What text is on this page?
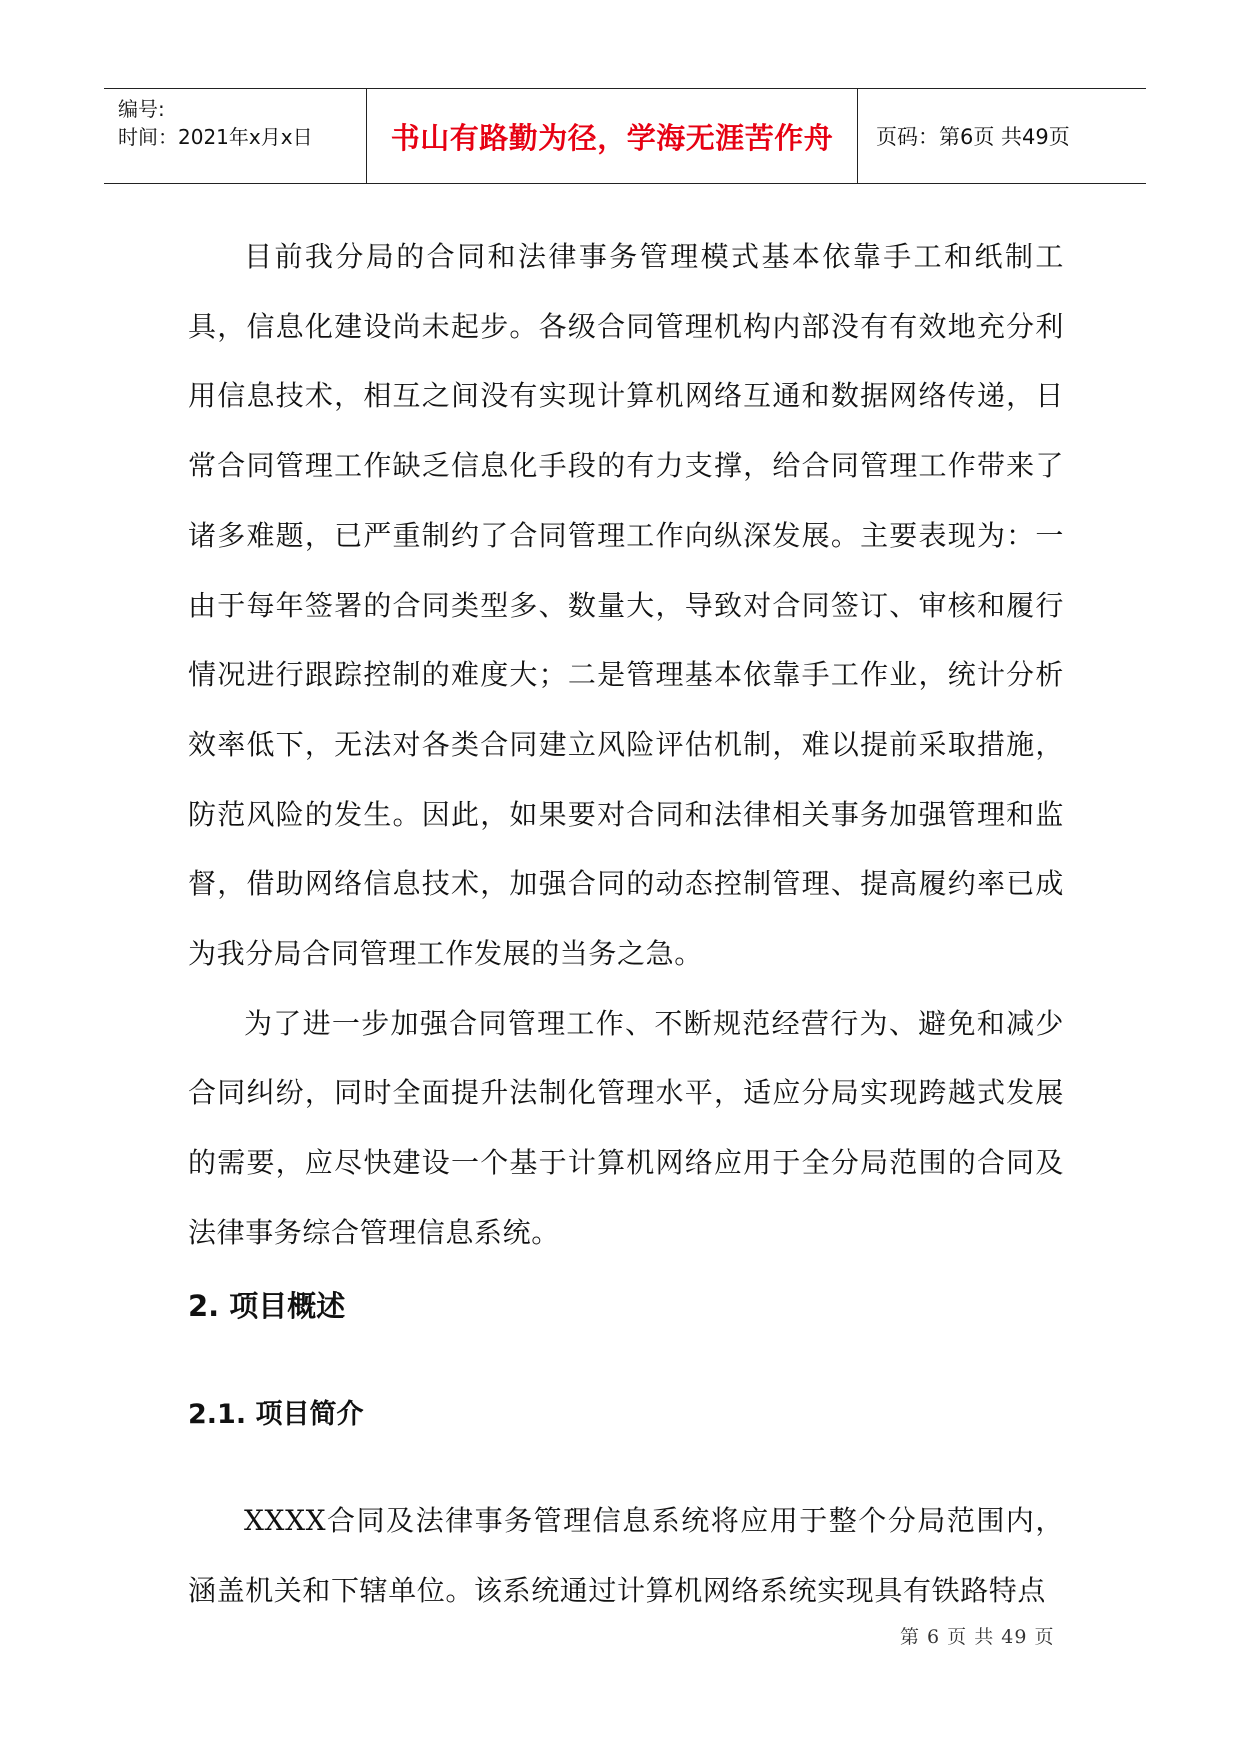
编号:
时间：2021年x月x日	书山有路勤为径，学海无涯苦作舟	页码：第6页 共49页

目前我分局的合同和法律事务管理模式基本依靠手工和纸制工具，信息化建设尚未起步。各级合同管理机构内部没有有效地充分利用信息技术，相互之间没有实现计算机网络互通和数据网络传递，日常合同管理工作缺乏信息化手段的有力支撑，给合同管理工作带来了诸多难题，已严重制约了合同管理工作向纵深发展。主要表现为：一由于每年签署的合同类型多、数量大，导致对合同签订、审核和履行情况进行跟踪控制的难度大；二是管理基本依靠手工作业，统计分析效率低下，无法对各类合同建立风险评估机制，难以提前采取措施，防范风险的发生。因此，如果要对合同和法律相关事务加强管理和监督，借助网络信息技术，加强合同的动态控制管理、提高履约率已成为我分局合同管理工作发展的当务之急。

为了进一步加强合同管理工作、不断规范经营行为、避免和减少合同纠纷，同时全面提升法制化管理水平，适应分局实现跨越式发展的需要，应尽快建设一个基于计算机网络应用于全分局范围的合同及法律事务综合管理信息系统。

2. 项目概述
2.1. 项目简介

XXXX合同及法律事务管理信息系统将应用于整个分局范围内，涵盖机关和下辖单位。该系统通过计算机网络系统实现具有铁路特点

第 6 页 共 49 页
